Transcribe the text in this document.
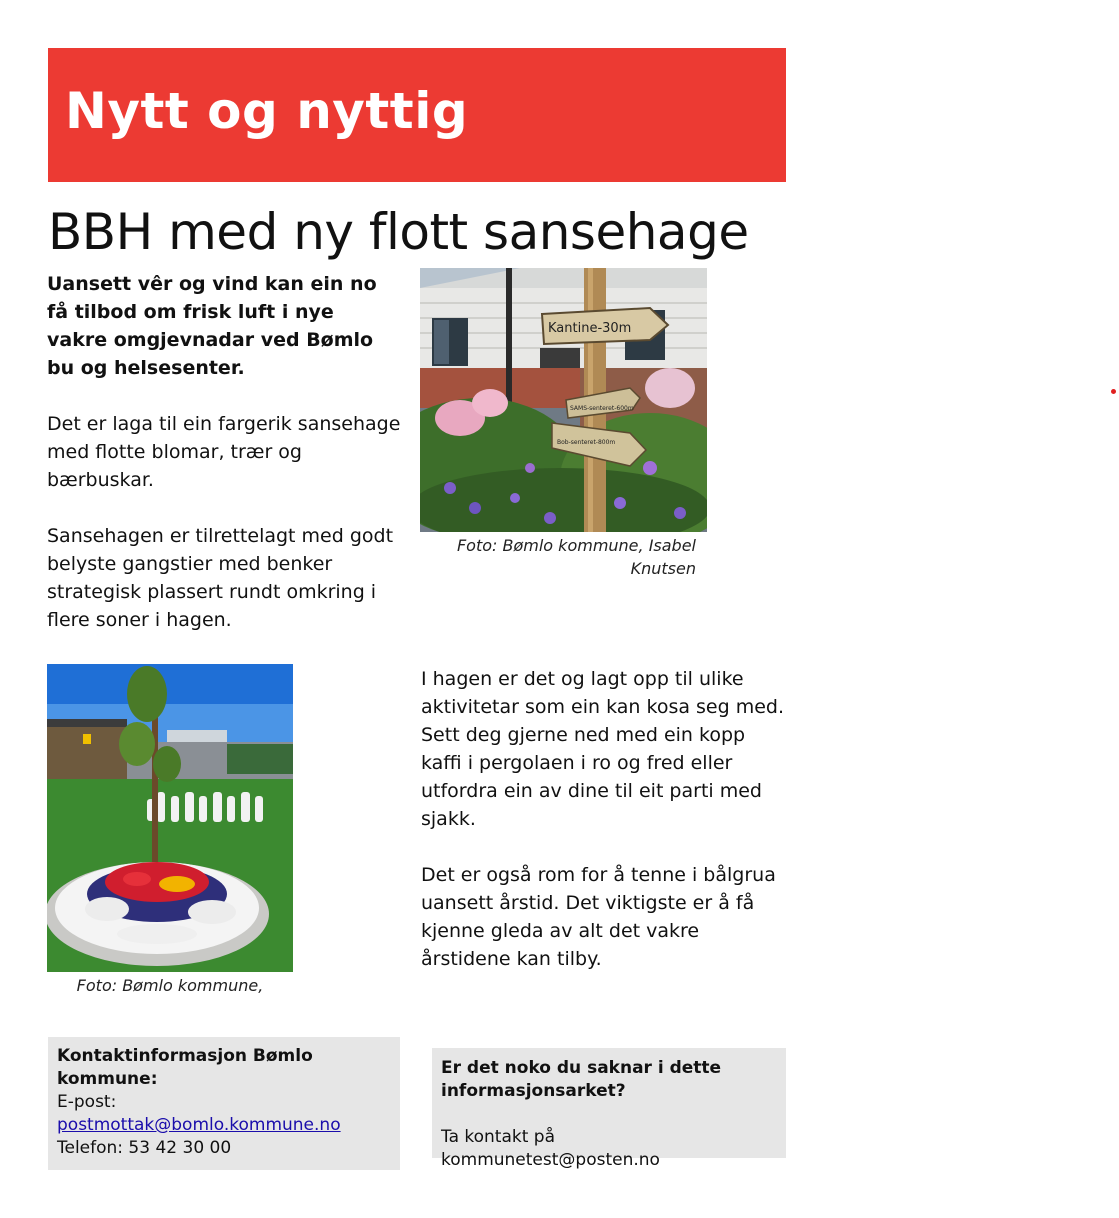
Nytt og nyttig
BBH med ny flott sansehage
Uansett vêr og vind kan ein no få tilbod om frisk luft i nye vakre omgjevnadar ved Bømlo bu og helsesenter.
Det er laga til ein fargerik sansehage med flotte blomar, trær og bærbuskar.
Sansehagen er tilrettelagt med godt belyste gangstier med benker strategisk plassert rundt omkring i flere soner i hagen.
Kantine-30m
SAMS-senteret-600m
Bob-senteret-800m
Foto: Bømlo kommune, Isabel Knutsen
Foto: Bømlo kommune,
I hagen er det og lagt opp til ulike aktivitetar som ein kan kosa seg med. Sett deg gjerne ned med ein kopp kaffi i pergolaen i ro og fred eller utfordra ein av dine til eit parti med sjakk.
Det er også rom for å tenne i bålgrua uansett årstid. Det viktigste er å få kjenne gleda av alt det vakre årstidene kan tilby.
Kontaktinformasjon Bømlo kommune:
E-post:
postmottak@bomlo.kommune.no
Telefon: 53 42 30 00
Er det noko du saknar i dette informasjonsarket?
Ta kontakt på kommunetest@posten.no
